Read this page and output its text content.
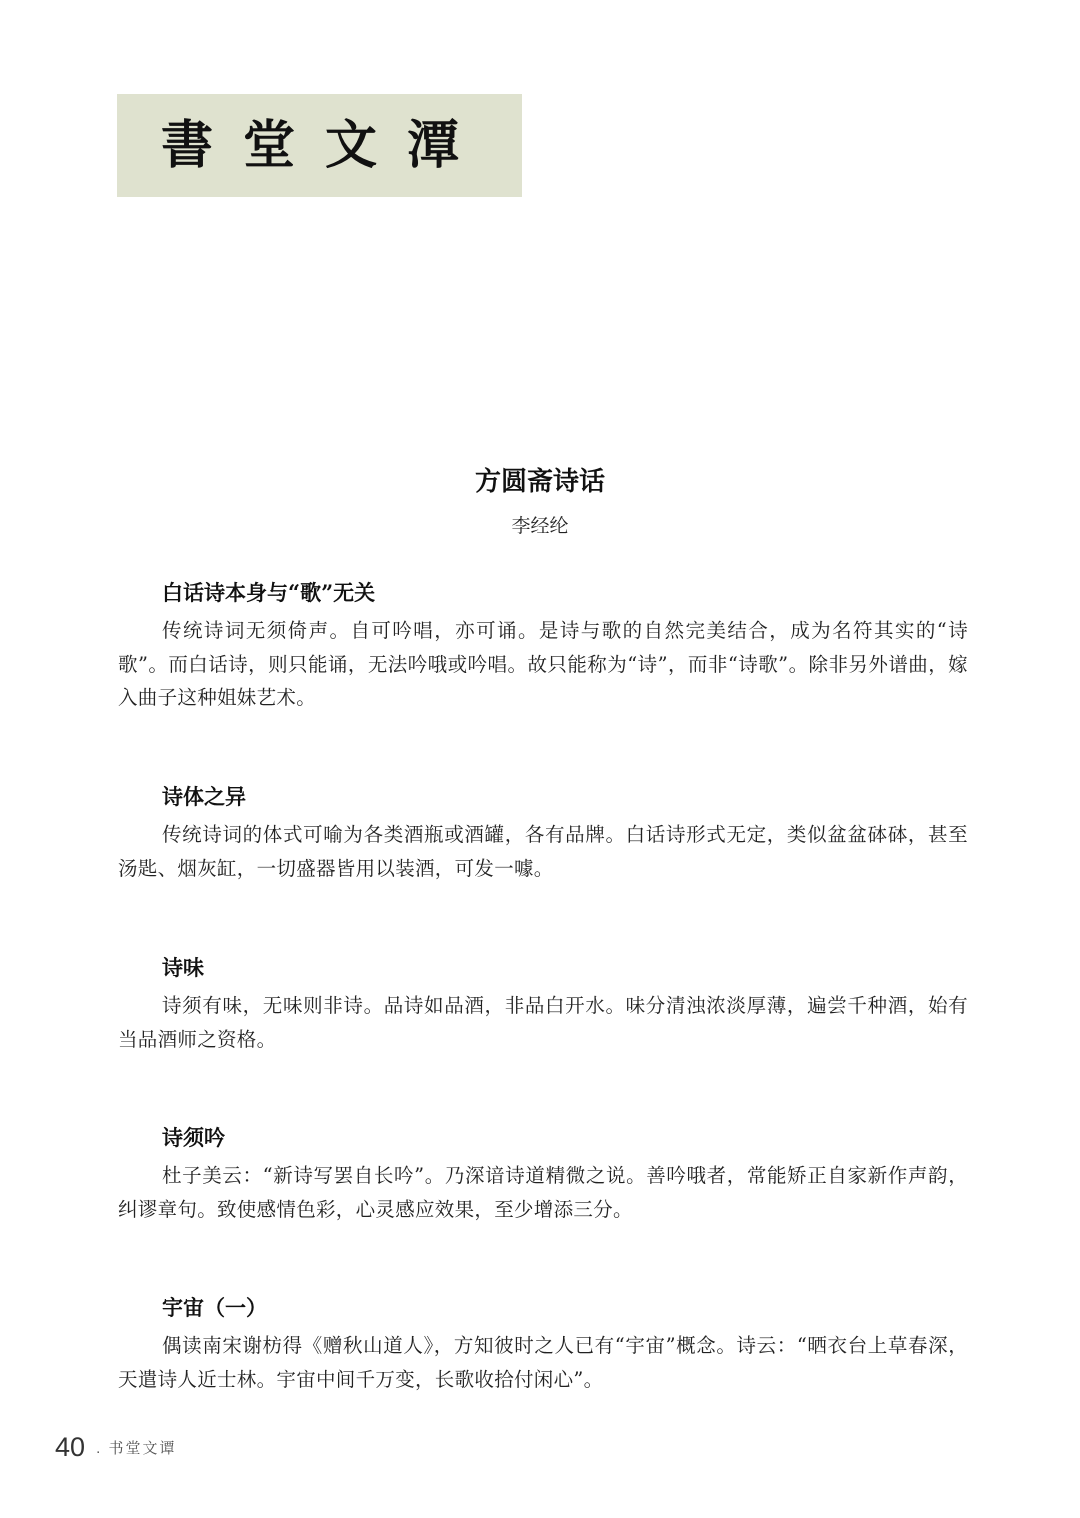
書堂文潭
方圆斋诗话
李经纶
白话诗本身与“歌”无关

传统诗词无须倚声。自可吟唱，亦可诵。是诗与歌的自然完美结合，成为名符其实的“诗歌”。而白话诗，则只能诵，无法吟哦或吟唱。故只能称为“诗”，而非“诗歌”。除非另外谱曲，嫁入曲子这种姐妹艺术。

诗体之异

传统诗词的体式可喻为各类酒瓶或酒罐，各有品牌。白话诗形式无定，类似盆盆砵砵，甚至汤匙、烟灰缸，一切盛器皆用以装酒，可发一噱。

诗味

诗须有味，无味则非诗。品诗如品酒，非品白开水。味分清浊浓淡厚薄，遍尝千种酒，始有当品酒师之资格。

诗须吟

杜子美云：“新诗写罢自长吟”。乃深谙诗道精微之说。善吟哦者，常能矫正自家新作声韵，纠谬章句。致使感情色彩，心灵感应效果，至少增添三分。

宇宙（一）

偶读南宋谢枋得《赠秋山道人》，方知彼时之人已有“宇宙”概念。诗云：“晒衣台上草春深，天遣诗人近士林。宇宙中间千万变，长歌收拾付闲心”。

40 . 书堂文谭
